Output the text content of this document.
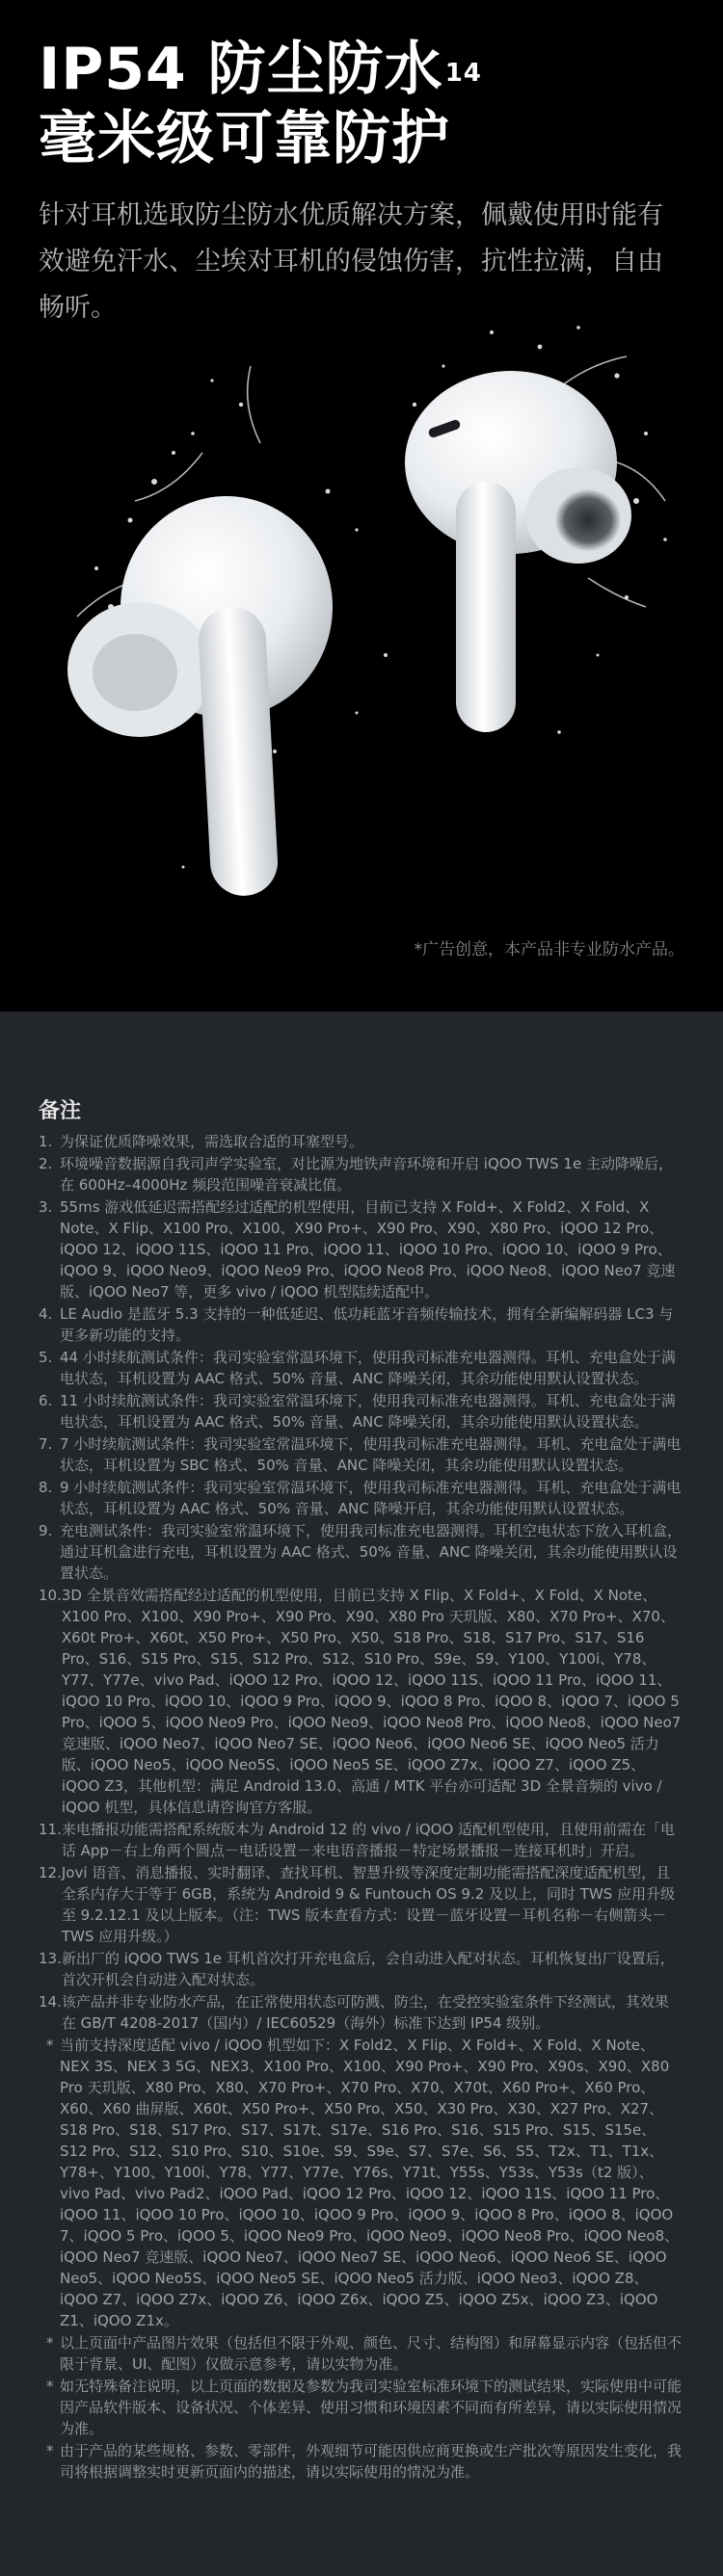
IP54 防尘防水$^{14}$
毫米级可靠防护
针对耳机选取防尘防水优质解决方案，佩戴使用时能有效避免汗水、尘埃对耳机的侵蚀伤害，抗性拉满，自由畅听。
*广告创意，本产品非专业防水产品。
备注
1. 为保证优质降噪效果，需选取合适的耳塞型号。
2. 环境噪音数据源自我司声学实验室，对比源为地铁声音环境和开启 iQOO TWS 1e 主动降噪后，在 600Hz–4000Hz 频段范围噪音衰减比值。
3. 55ms 游戏低延迟需搭配经过适配的机型使用，目前已支持 X Fold+、X Fold2、X Fold、X Note、X Flip、X100 Pro、X100、X90 Pro+、X90 Pro、X90、X80 Pro、iQOO 12 Pro、iQOO 12、iQOO 11S、iQOO 11 Pro、iQOO 11、iQOO 10 Pro、iQOO 10、iQOO 9 Pro、iQOO 9、iQOO Neo9、iQOO Neo9 Pro、iQOO Neo8 Pro、iQOO Neo8、iQOO Neo7 竞速版、iQOO Neo7 等，更多 vivo / iQOO 机型陆续适配中。
4. LE Audio 是蓝牙 5.3 支持的一种低延迟、低功耗蓝牙音频传输技术，拥有全新编解码器 LC3 与更多新功能的支持。
5. 44 小时续航测试条件：我司实验室常温环境下，使用我司标准充电器测得。耳机、充电盒处于满电状态，耳机设置为 AAC 格式、50% 音量、ANC 降噪关闭，其余功能使用默认设置状态。
6. 11 小时续航测试条件：我司实验室常温环境下，使用我司标准充电器测得。耳机、充电盒处于满电状态，耳机设置为 AAC 格式、50% 音量、ANC 降噪关闭，其余功能使用默认设置状态。
7. 7 小时续航测试条件：我司实验室常温环境下，使用我司标准充电器测得。耳机、充电盒处于满电状态，耳机设置为 SBC 格式、50% 音量、ANC 降噪关闭，其余功能使用默认设置状态。
8. 9 小时续航测试条件：我司实验室常温环境下，使用我司标准充电器测得。耳机、充电盒处于满电状态，耳机设置为 AAC 格式、50% 音量、ANC 降噪开启，其余功能使用默认设置状态。
9. 充电测试条件：我司实验室常温环境下，使用我司标准充电器测得。耳机空电状态下放入耳机盒，通过耳机盒进行充电，耳机设置为 AAC 格式、50% 音量、ANC 降噪关闭，其余功能使用默认设置状态。
10. 3D 全景音效需搭配经过适配的机型使用，目前已支持 X Flip、X Fold+、X Fold、X Note、X100 Pro、X100、X90 Pro+、X90 Pro、X90、X80 Pro 天玑版、X80、X70 Pro+、X70、X60t Pro+、X60t、X50 Pro+、X50 Pro、X50、S18 Pro、S18、S17 Pro、S17、S16 Pro、S16、S15 Pro、S15、S12 Pro、S12、S10 Pro、S9e、S9、Y100、Y100i、Y78、Y77、Y77e、vivo Pad、iQOO 12 Pro、iQOO 12、iQOO 11S、iQOO 11 Pro、iQOO 11、iQOO 10 Pro、iQOO 10、iQOO 9 Pro、iQOO 9、iQOO 8 Pro、iQOO 8、iQOO 7、iQOO 5 Pro、iQOO 5、iQOO Neo9 Pro、iQOO Neo9、iQOO Neo8 Pro、iQOO Neo8、iQOO Neo7 竞速版、iQOO Neo7、iQOO Neo7 SE、iQOO Neo6、iQOO Neo6 SE、iQOO Neo5 活力版、iQOO Neo5、iQOO Neo5S、iQOO Neo5 SE、iQOO Z7x、iQOO Z7、iQOO Z5、iQOO Z3，其他机型：满足 Android 13.0、高通 / MTK 平台亦可适配 3D 全景音频的 vivo / iQOO 机型，具体信息请咨询官方客服。
11. 来电播报功能需搭配系统版本为 Android 12 的 vivo / iQOO 适配机型使用，且使用前需在「电话 App－右上角两个圆点－电话设置－来电语音播报－特定场景播报－连接耳机时」开启。
12. Jovi 语音、消息播报、实时翻译、查找耳机、智慧升级等深度定制功能需搭配深度适配机型，且全系内存大于等于 6GB，系统为 Android 9 & Funtouch OS 9.2 及以上，同时 TWS 应用升级至 9.2.12.1 及以上版本。（注：TWS 版本查看方式：设置－蓝牙设置－耳机名称－右侧箭头－TWS 应用升级。）
13. 新出厂的 iQOO TWS 1e 耳机首次打开充电盒后，会自动进入配对状态。耳机恢复出厂设置后，首次开机会自动进入配对状态。
14. 该产品并非专业防水产品，在正常使用状态可防溅、防尘，在受控实验室条件下经测试，其效果在 GB/T 4208-2017（国内）/ IEC60529（海外）标准下达到 IP54 级别。
* 当前支持深度适配 vivo / iQOO 机型如下：X Fold2、X Flip、X Fold+、X Fold、X Note、NEX 3S、NEX 3 5G、NEX3、X100 Pro、X100、X90 Pro+、X90 Pro、X90s、X90、X80 Pro 天玑版、X80 Pro、X80、X70 Pro+、X70 Pro、X70、X70t、X60 Pro+、X60 Pro、X60、X60 曲屏版、X60t、X50 Pro+、X50 Pro、X50、X30 Pro、X30、X27 Pro、X27、S18 Pro、S18、S17 Pro、S17、S17t、S17e、S16 Pro、S16、S15 Pro、S15、S15e、S12 Pro、S12、S10 Pro、S10、S10e、S9、S9e、S7、S7e、S6、S5、T2x、T1、T1x、Y78+、Y100、Y100i、Y78、Y77、Y77e、Y76s、Y71t、Y55s、Y53s、Y53s（t2 版）、vivo Pad、vivo Pad2、iQOO Pad、iQOO 12 Pro、iQOO 12、iQOO 11S、iQOO 11 Pro、iQOO 11、iQOO 10 Pro、iQOO 10、iQOO 9 Pro、iQOO 9、iQOO 8 Pro、iQOO 8、iQOO 7、iQOO 5 Pro、iQOO 5、iQOO Neo9 Pro、iQOO Neo9、iQOO Neo8 Pro、iQOO Neo8、iQOO Neo7 竞速版、iQOO Neo7、iQOO Neo7 SE、iQOO Neo6、iQOO Neo6 SE、iQOO Neo5、iQOO Neo5S、iQOO Neo5 SE、iQOO Neo5 活力版、iQOO Neo3、iQOO Z8、iQOO Z7、iQOO Z7x、iQOO Z6、iQOO Z6x、iQOO Z5、iQOO Z5x、iQOO Z3、iQOO Z1、iQOO Z1x。
* 以上页面中产品图片效果（包括但不限于外观、颜色、尺寸、结构图）和屏幕显示内容（包括但不限于背景、UI、配图）仅做示意参考，请以实物为准。
* 如无特殊备注说明，以上页面的数据及参数为我司实验室标准环境下的测试结果，实际使用中可能因产品软件版本、设备状况、个体差异、使用习惯和环境因素不同而有所差异，请以实际使用情况为准。
* 由于产品的某些规格、参数、零部件，外观细节可能因供应商更换或生产批次等原因发生变化，我司将根据调整实时更新页面内的描述，请以实际使用的情况为准。
